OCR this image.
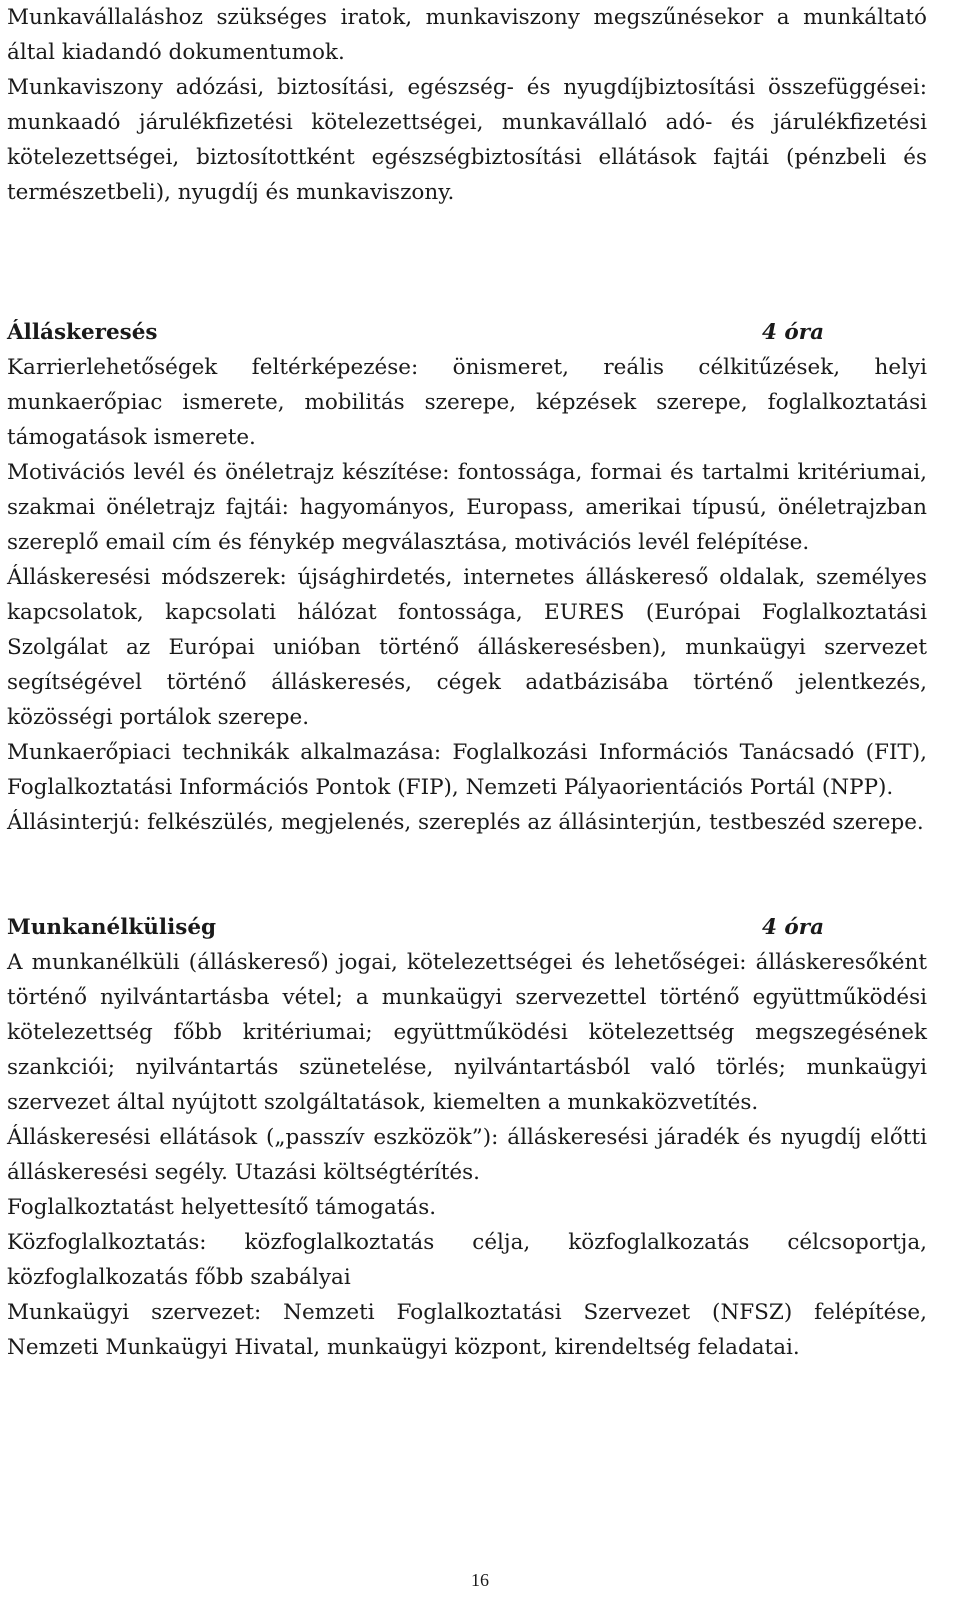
Munkavállaláshoz szükséges iratok, munkaviszony megszűnésekor a munkáltató által kiadandó dokumentumok.

Munkaviszony adózási, biztosítási, egészség- és nyugdíjbiztosítási összefüggései: munkaadó járulékfizetési kötelezettségei, munkavállaló adó- és járulékfizetési kötelezettségei, biztosítottként egészségbiztosítási ellátások fajtái (pénzbeli és természetbeli), nyugdíj és munkaviszony.

Álláskeresés	4 óra

Karrierlehetőségek feltérképezése: önismeret, reális célkitűzések, helyi munkaerőpiac ismerete, mobilitás szerepe, képzések szerepe, foglalkoztatási támogatások ismerete.

Motivációs levél és önéletrajz készítése: fontossága, formai és tartalmi kritériumai, szakmai önéletrajz fajtái: hagyományos, Europass, amerikai típusú, önéletrajzban szereplő email cím és fénykép megválasztása, motivációs levél felépítése.

Álláskeresési módszerek: újsághirdetés, internetes álláskereső oldalak, személyes kapcsolatok, kapcsolati hálózat fontossága, EURES (Európai Foglalkoztatási Szolgálat az Európai unióban történő álláskeresésben), munkaügyi szervezet segítségével történő álláskeresés, cégek adatbázisába történő jelentkezés, közösségi portálok szerepe.

Munkaerőpiaci technikák alkalmazása: Foglalkozási Információs Tanácsadó (FIT), Foglalkoztatási Információs Pontok (FIP), Nemzeti Pályaorientációs Portál (NPP).

Állásinterjú: felkészülés, megjelenés, szereplés az állásinterjún, testbeszéd szerepe.

Munkanélküliség	4 óra

A munkanélküli (álláskereső) jogai, kötelezettségei és lehetőségei: álláskeresőként történő nyilvántartásba vétel; a munkaügyi szervezettel történő együttműködési kötelezettség főbb kritériumai; együttműködési kötelezettség megszegésének szankciói; nyilvántartás szünetelése, nyilvántartásból való törlés; munkaügyi szervezet által nyújtott szolgáltatások, kiemelten a munkaközvetítés.

Álláskeresési ellátások („passzív eszközök”): álláskeresési járadék és nyugdíj előtti álláskeresési segély. Utazási költségtérítés.

Foglalkoztatást helyettesítő támogatás.

Közfoglalkoztatás: közfoglalkoztatás célja, közfoglalkozatás célcsoportja, közfoglalkozatás főbb szabályai

Munkaügyi szervezet: Nemzeti Foglalkoztatási Szervezet (NFSZ) felépítése, Nemzeti Munkaügyi Hivatal, munkaügyi központ, kirendeltség feladatai.

16
